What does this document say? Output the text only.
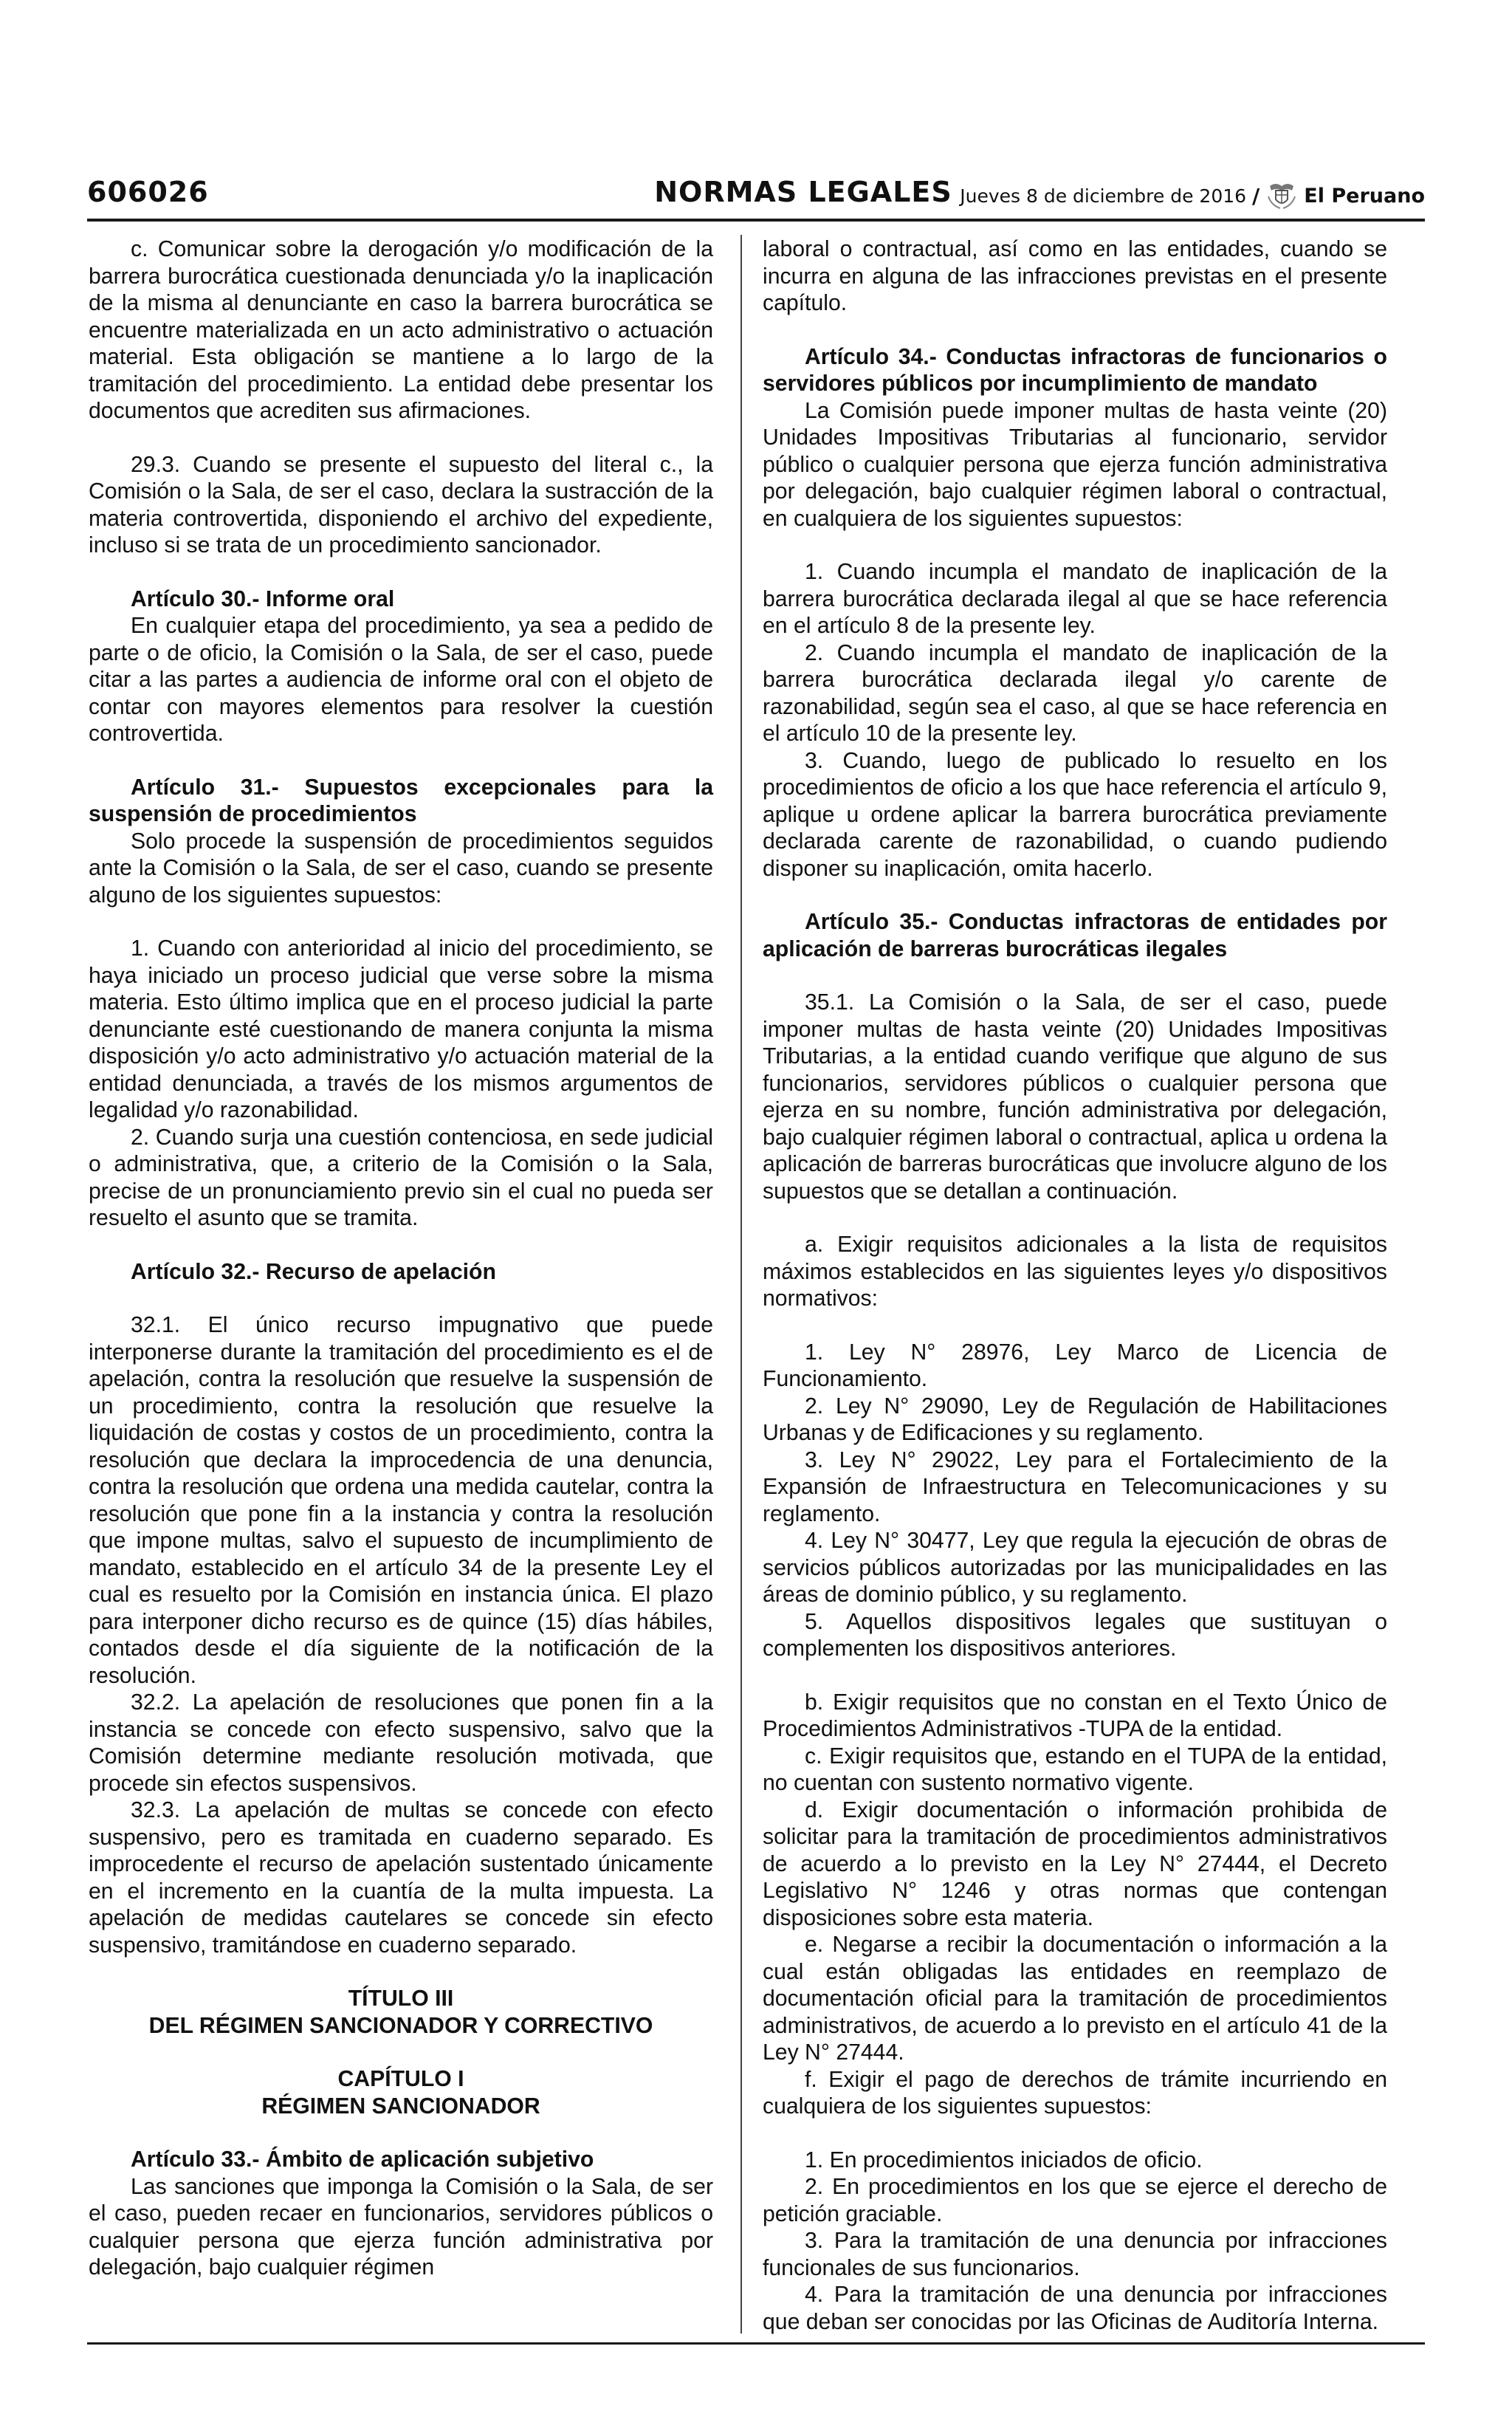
606026	NORMAS LEGALES Jueves 8 de diciembre de 2016 / El Peruano

c. Comunicar sobre la derogación y/o modificación de la barrera burocrática cuestionada denunciada y/o la inaplicación de la misma al denunciante en caso la barrera burocrática se encuentre materializada en un acto administrativo o actuación material. Esta obligación se mantiene a lo largo de la tramitación del procedimiento. La entidad debe presentar los documentos que acrediten sus afirmaciones.

29.3. Cuando se presente el supuesto del literal c., la Comisión o la Sala, de ser el caso, declara la sustracción de la materia controvertida, disponiendo el archivo del expediente, incluso si se trata de un procedimiento sancionador.

Artículo 30.- Informe oral

En cualquier etapa del procedimiento, ya sea a pedido de parte o de oficio, la Comisión o la Sala, de ser el caso, puede citar a las partes a audiencia de informe oral con el objeto de contar con mayores elementos para resolver la cuestión controvertida.

Artículo 31.- Supuestos excepcionales para la suspensión de procedimientos

Solo procede la suspensión de procedimientos seguidos ante la Comisión o la Sala, de ser el caso, cuando se presente alguno de los siguientes supuestos:

1. Cuando con anterioridad al inicio del procedimiento, se haya iniciado un proceso judicial que verse sobre la misma materia. Esto último implica que en el proceso judicial la parte denunciante esté cuestionando de manera conjunta la misma disposición y/o acto administrativo y/o actuación material de la entidad denunciada, a través de los mismos argumentos de legalidad y/o razonabilidad.

2. Cuando surja una cuestión contenciosa, en sede judicial o administrativa, que, a criterio de la Comisión o la Sala, precise de un pronunciamiento previo sin el cual no pueda ser resuelto el asunto que se tramita.

Artículo 32.- Recurso de apelación

32.1. El único recurso impugnativo que puede interponerse durante la tramitación del procedimiento es el de apelación, contra la resolución que resuelve la suspensión de un procedimiento, contra la resolución que resuelve la liquidación de costas y costos de un procedimiento, contra la resolución que declara la improcedencia de una denuncia, contra la resolución que ordena una medida cautelar, contra la resolución que pone fin a la instancia y contra la resolución que impone multas, salvo el supuesto de incumplimiento de mandato, establecido en el artículo 34 de la presente Ley el cual es resuelto por la Comisión en instancia única. El plazo para interponer dicho recurso es de quince (15) días hábiles, contados desde el día siguiente de la notificación de la resolución.

32.2. La apelación de resoluciones que ponen fin a la instancia se concede con efecto suspensivo, salvo que la Comisión determine mediante resolución motivada, que procede sin efectos suspensivos.

32.3. La apelación de multas se concede con efecto suspensivo, pero es tramitada en cuaderno separado. Es improcedente el recurso de apelación sustentado únicamente en el incremento en la cuantía de la multa impuesta. La apelación de medidas cautelares se concede sin efecto suspensivo, tramitándose en cuaderno separado.

TÍTULO III

DEL RÉGIMEN SANCIONADOR Y CORRECTIVO

CAPÍTULO I

RÉGIMEN SANCIONADOR

Artículo 33.- Ámbito de aplicación subjetivo

Las sanciones que imponga la Comisión o la Sala, de ser el caso, pueden recaer en funcionarios, servidores públicos o cualquier persona que ejerza función administrativa por delegación, bajo cualquier régimen

laboral o contractual, así como en las entidades, cuando se incurra en alguna de las infracciones previstas en el presente capítulo.

Artículo 34.- Conductas infractoras de funcionarios o servidores públicos por incumplimiento de mandato

La Comisión puede imponer multas de hasta veinte (20) Unidades Impositivas Tributarias al funcionario, servidor público o cualquier persona que ejerza función administrativa por delegación, bajo cualquier régimen laboral o contractual, en cualquiera de los siguientes supuestos:

1. Cuando incumpla el mandato de inaplicación de la barrera burocrática declarada ilegal al que se hace referencia en el artículo 8 de la presente ley.

2. Cuando incumpla el mandato de inaplicación de la barrera burocrática declarada ilegal y/o carente de razonabilidad, según sea el caso, al que se hace referencia en el artículo 10 de la presente ley.

3. Cuando, luego de publicado lo resuelto en los procedimientos de oficio a los que hace referencia el artículo 9, aplique u ordene aplicar la barrera burocrática previamente declarada carente de razonabilidad, o cuando pudiendo disponer su inaplicación, omita hacerlo.

Artículo 35.- Conductas infractoras de entidades por aplicación de barreras burocráticas ilegales

35.1. La Comisión o la Sala, de ser el caso, puede imponer multas de hasta veinte (20) Unidades Impositivas Tributarias, a la entidad cuando verifique que alguno de sus funcionarios, servidores públicos o cualquier persona que ejerza en su nombre, función administrativa por delegación, bajo cualquier régimen laboral o contractual, aplica u ordena la aplicación de barreras burocráticas que involucre alguno de los supuestos que se detallan a continuación.

a. Exigir requisitos adicionales a la lista de requisitos máximos establecidos en las siguientes leyes y/o dispositivos normativos:

1. Ley N° 28976, Ley Marco de Licencia de Funcionamiento.

2. Ley N° 29090, Ley de Regulación de Habilitaciones Urbanas y de Edificaciones y su reglamento.

3. Ley N° 29022, Ley para el Fortalecimiento de la Expansión de Infraestructura en Telecomunicaciones y su reglamento.

4. Ley N° 30477, Ley que regula la ejecución de obras de servicios públicos autorizadas por las municipalidades en las áreas de dominio público, y su reglamento.

5. Aquellos dispositivos legales que sustituyan o complementen los dispositivos anteriores.

b. Exigir requisitos que no constan en el Texto Único de Procedimientos Administrativos -TUPA de la entidad.

c. Exigir requisitos que, estando en el TUPA de la entidad, no cuentan con sustento normativo vigente.

d. Exigir documentación o información prohibida de solicitar para la tramitación de procedimientos administrativos de acuerdo a lo previsto en la Ley N° 27444, el Decreto Legislativo N° 1246 y otras normas que contengan disposiciones sobre esta materia.

e. Negarse a recibir la documentación o información a la cual están obligadas las entidades en reemplazo de documentación oficial para la tramitación de procedimientos administrativos, de acuerdo a lo previsto en el artículo 41 de la Ley N° 27444.

f. Exigir el pago de derechos de trámite incurriendo en cualquiera de los siguientes supuestos:

1. En procedimientos iniciados de oficio.

2. En procedimientos en los que se ejerce el derecho de petición graciable.

3. Para la tramitación de una denuncia por infracciones funcionales de sus funcionarios.

4. Para la tramitación de una denuncia por infracciones que deban ser conocidas por las Oficinas de Auditoría Interna.
